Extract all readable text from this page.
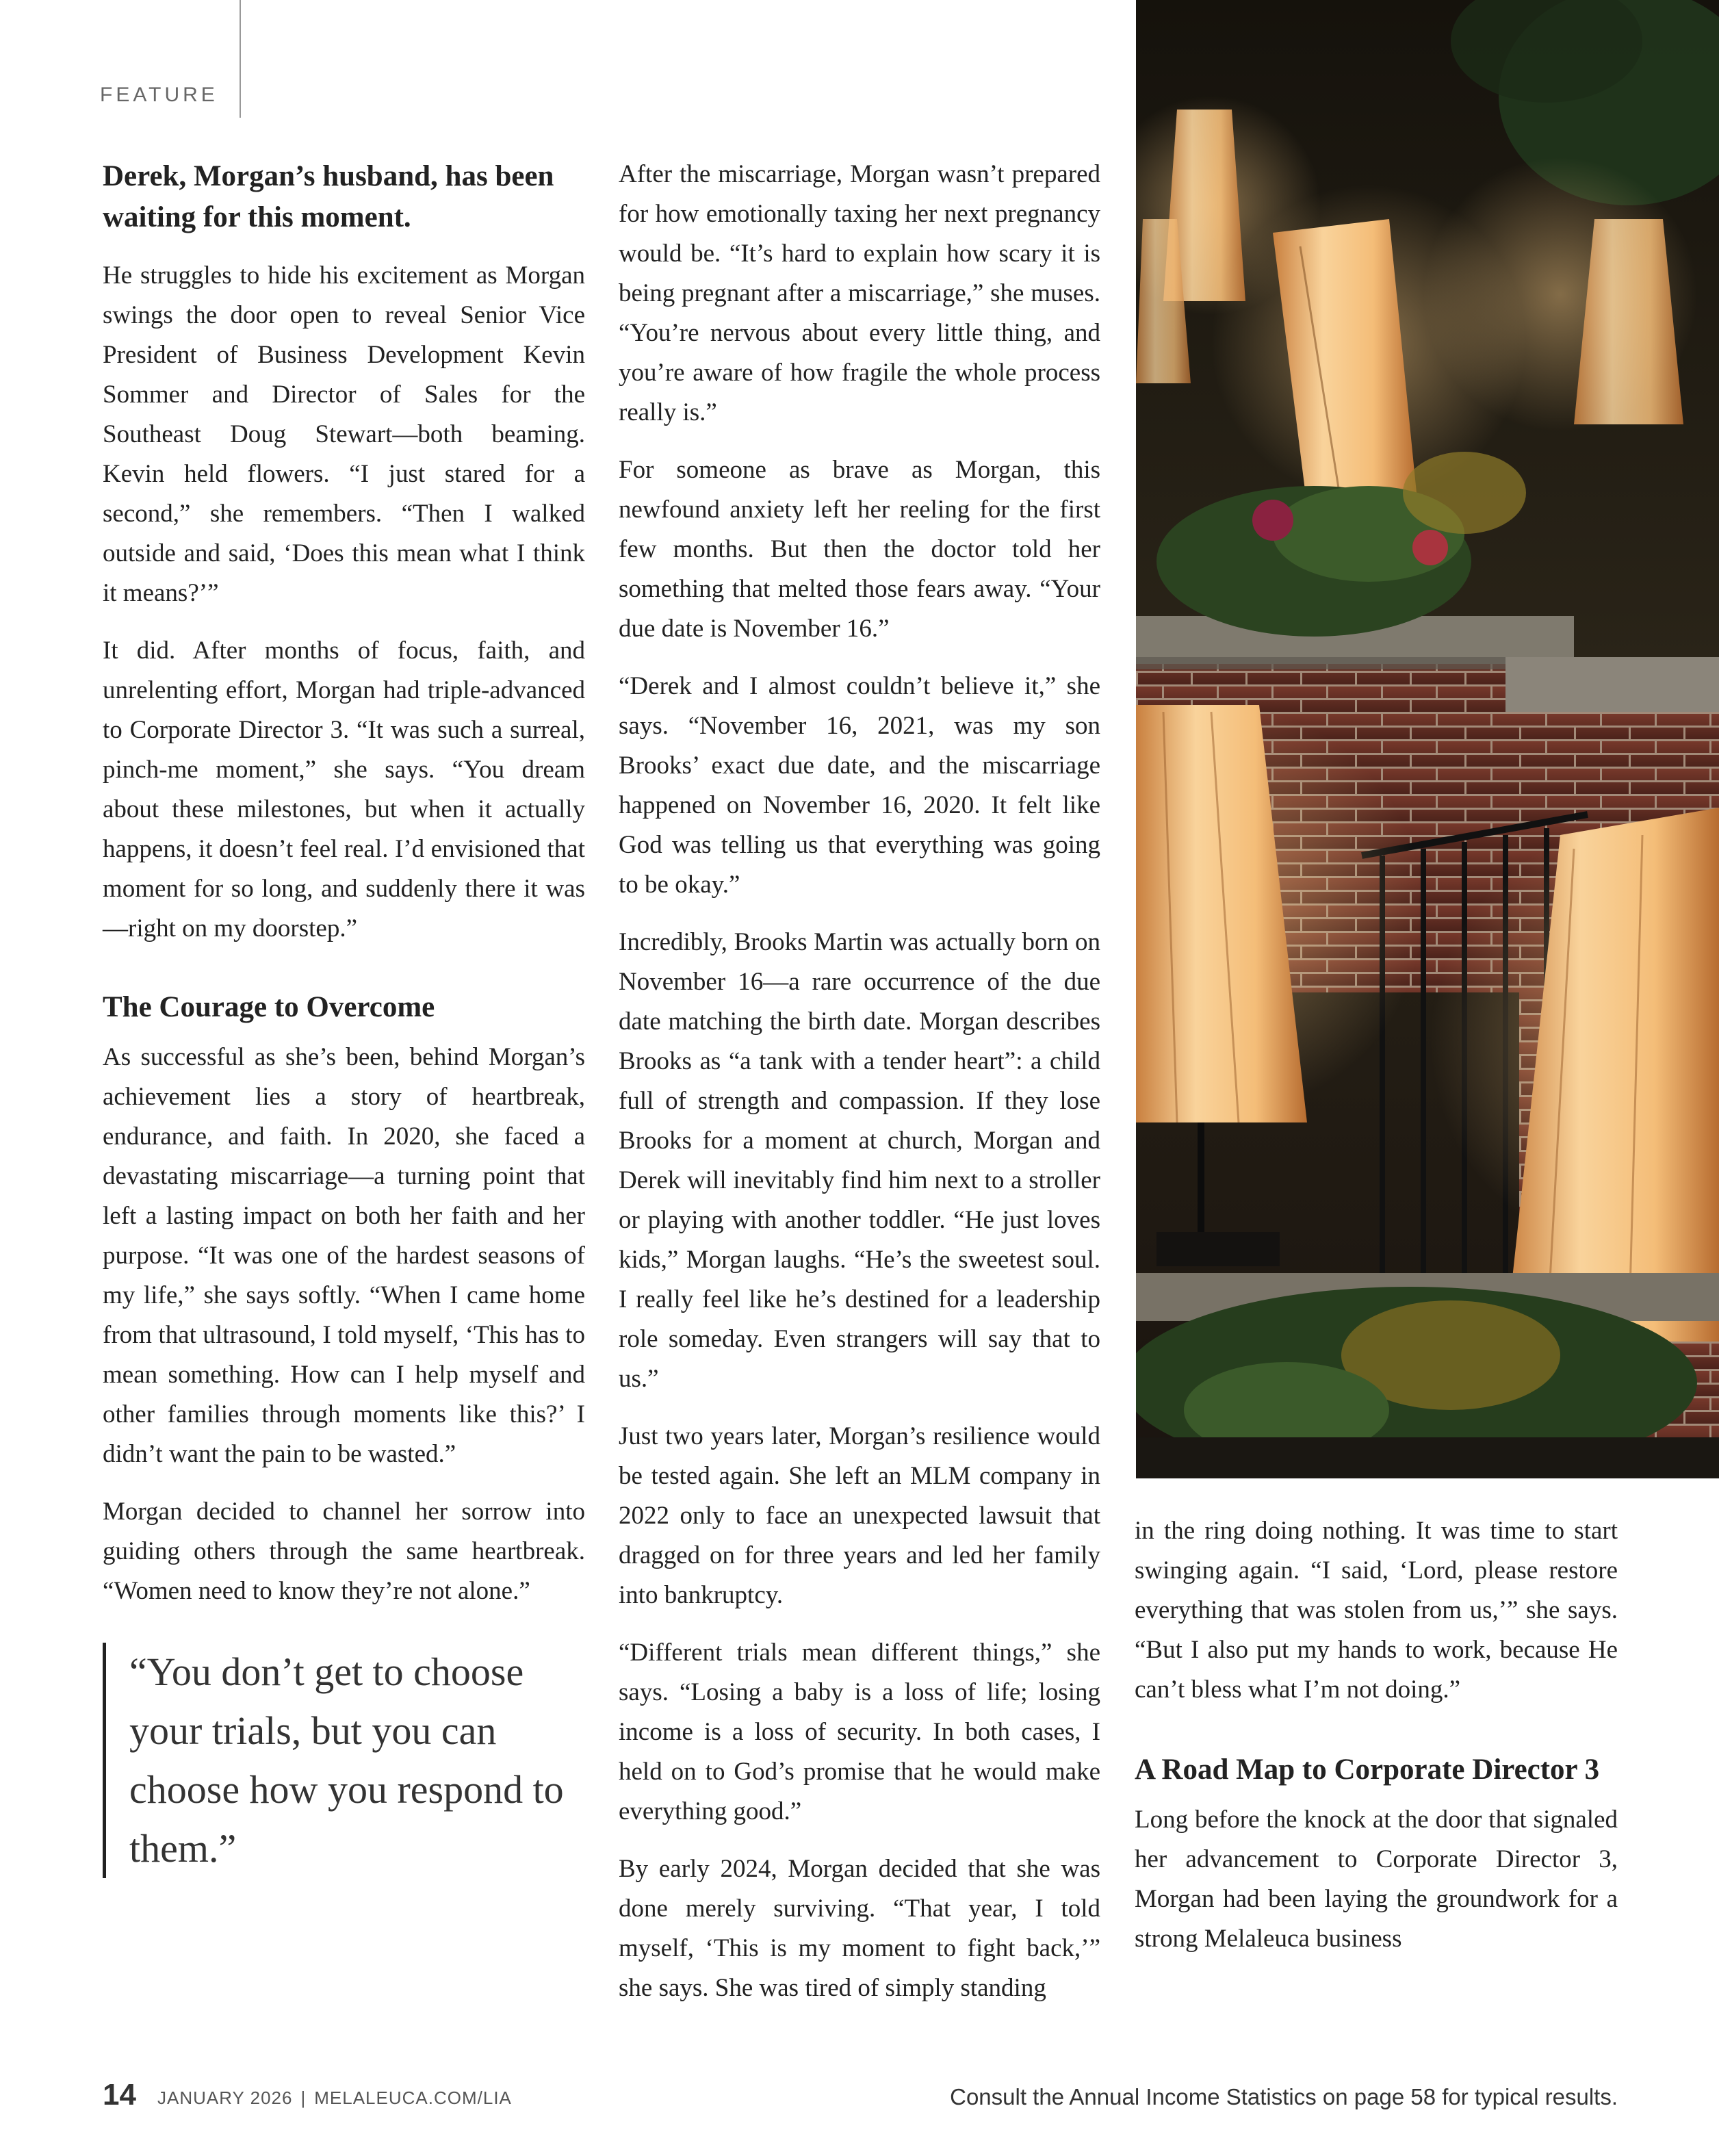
FEATURE

Derek, Morgan’s husband, has been waiting for this moment.

He struggles to hide his excitement as Morgan swings the door open to reveal Senior Vice President of Business Development Kevin Sommer and Director of Sales for the Southeast Doug Stewart—both beaming. Kevin held flowers. “I just stared for a second,” she remembers. “Then I walked outside and said, ‘Does this mean what I think it means?’”

It did. After months of focus, faith, and unrelenting effort, Morgan had triple-advanced to Corporate Director 3. “It was such a surreal, pinch-me moment,” she says. “You dream about these milestones, but when it actually happens, it doesn’t feel real. I’d envisioned that moment for so long, and suddenly there it was—right on my doorstep.”

The Courage to Overcome

As successful as she’s been, behind Morgan’s achievement lies a story of heartbreak, endurance, and faith. In 2020, she faced a devastating miscarriage—a turning point that left a lasting impact on both her faith and her purpose. “It was one of the hardest seasons of my life,” she says softly. “When I came home from that ultrasound, I told myself, ‘This has to mean something. How can I help myself and other families through moments like this?’ I didn’t want the pain to be wasted.”

Morgan decided to channel her sorrow into guiding others through the same heartbreak. “Women need to know they’re not alone.”

“You don’t get to choose your trials, but you can choose how you respond to them.”

After the miscarriage, Morgan wasn’t prepared for how emotionally taxing her next pregnancy would be. “It’s hard to explain how scary it is being pregnant after a miscarriage,” she muses. “You’re nervous about every little thing, and you’re aware of how fragile the whole process really is.”

For someone as brave as Morgan, this newfound anxiety left her reeling for the first few months. But then the doctor told her something that melted those fears away. “Your due date is November 16.”

“Derek and I almost couldn’t believe it,” she says. “November 16, 2021, was my son Brooks’ exact due date, and the miscarriage happened on November 16, 2020. It felt like God was telling us that everything was going to be okay.”

Incredibly, Brooks Martin was actually born on November 16—a rare occurrence of the due date matching the birth date. Morgan describes Brooks as “a tank with a tender heart”: a child full of strength and compassion. If they lose Brooks for a moment at church, Morgan and Derek will inevitably find him next to a stroller or playing with another toddler. “He just loves kids,” Morgan laughs. “He’s the sweetest soul. I really feel like he’s destined for a leadership role someday. Even strangers will say that to us.”

Just two years later, Morgan’s resilience would be tested again. She left an MLM company in 2022 only to face an unexpected lawsuit that dragged on for three years and led her family into bankruptcy.

“Different trials mean different things,” she says. “Losing a baby is a loss of life; losing income is a loss of security. In both cases, I held on to God’s promise that he would make everything good.”

By early 2024, Morgan decided that she was done merely surviving. “That year, I told myself, ‘This is my moment to fight back,’” she says. She was tired of simply standing

in the ring doing nothing. It was time to start swinging again. “I said, ‘Lord, please restore everything that was stolen from us,’” she says. “But I also put my hands to work, because He can’t bless what I’m not doing.”

A Road Map to Corporate Director 3

Long before the knock at the door that signaled her advancement to Corporate Director 3, Morgan had been laying the groundwork for a strong Melaleuca business

14 JANUARY 2026 | MELALEUCA.COM/LIA	Consult the Annual Income Statistics on page 58 for typical results.
